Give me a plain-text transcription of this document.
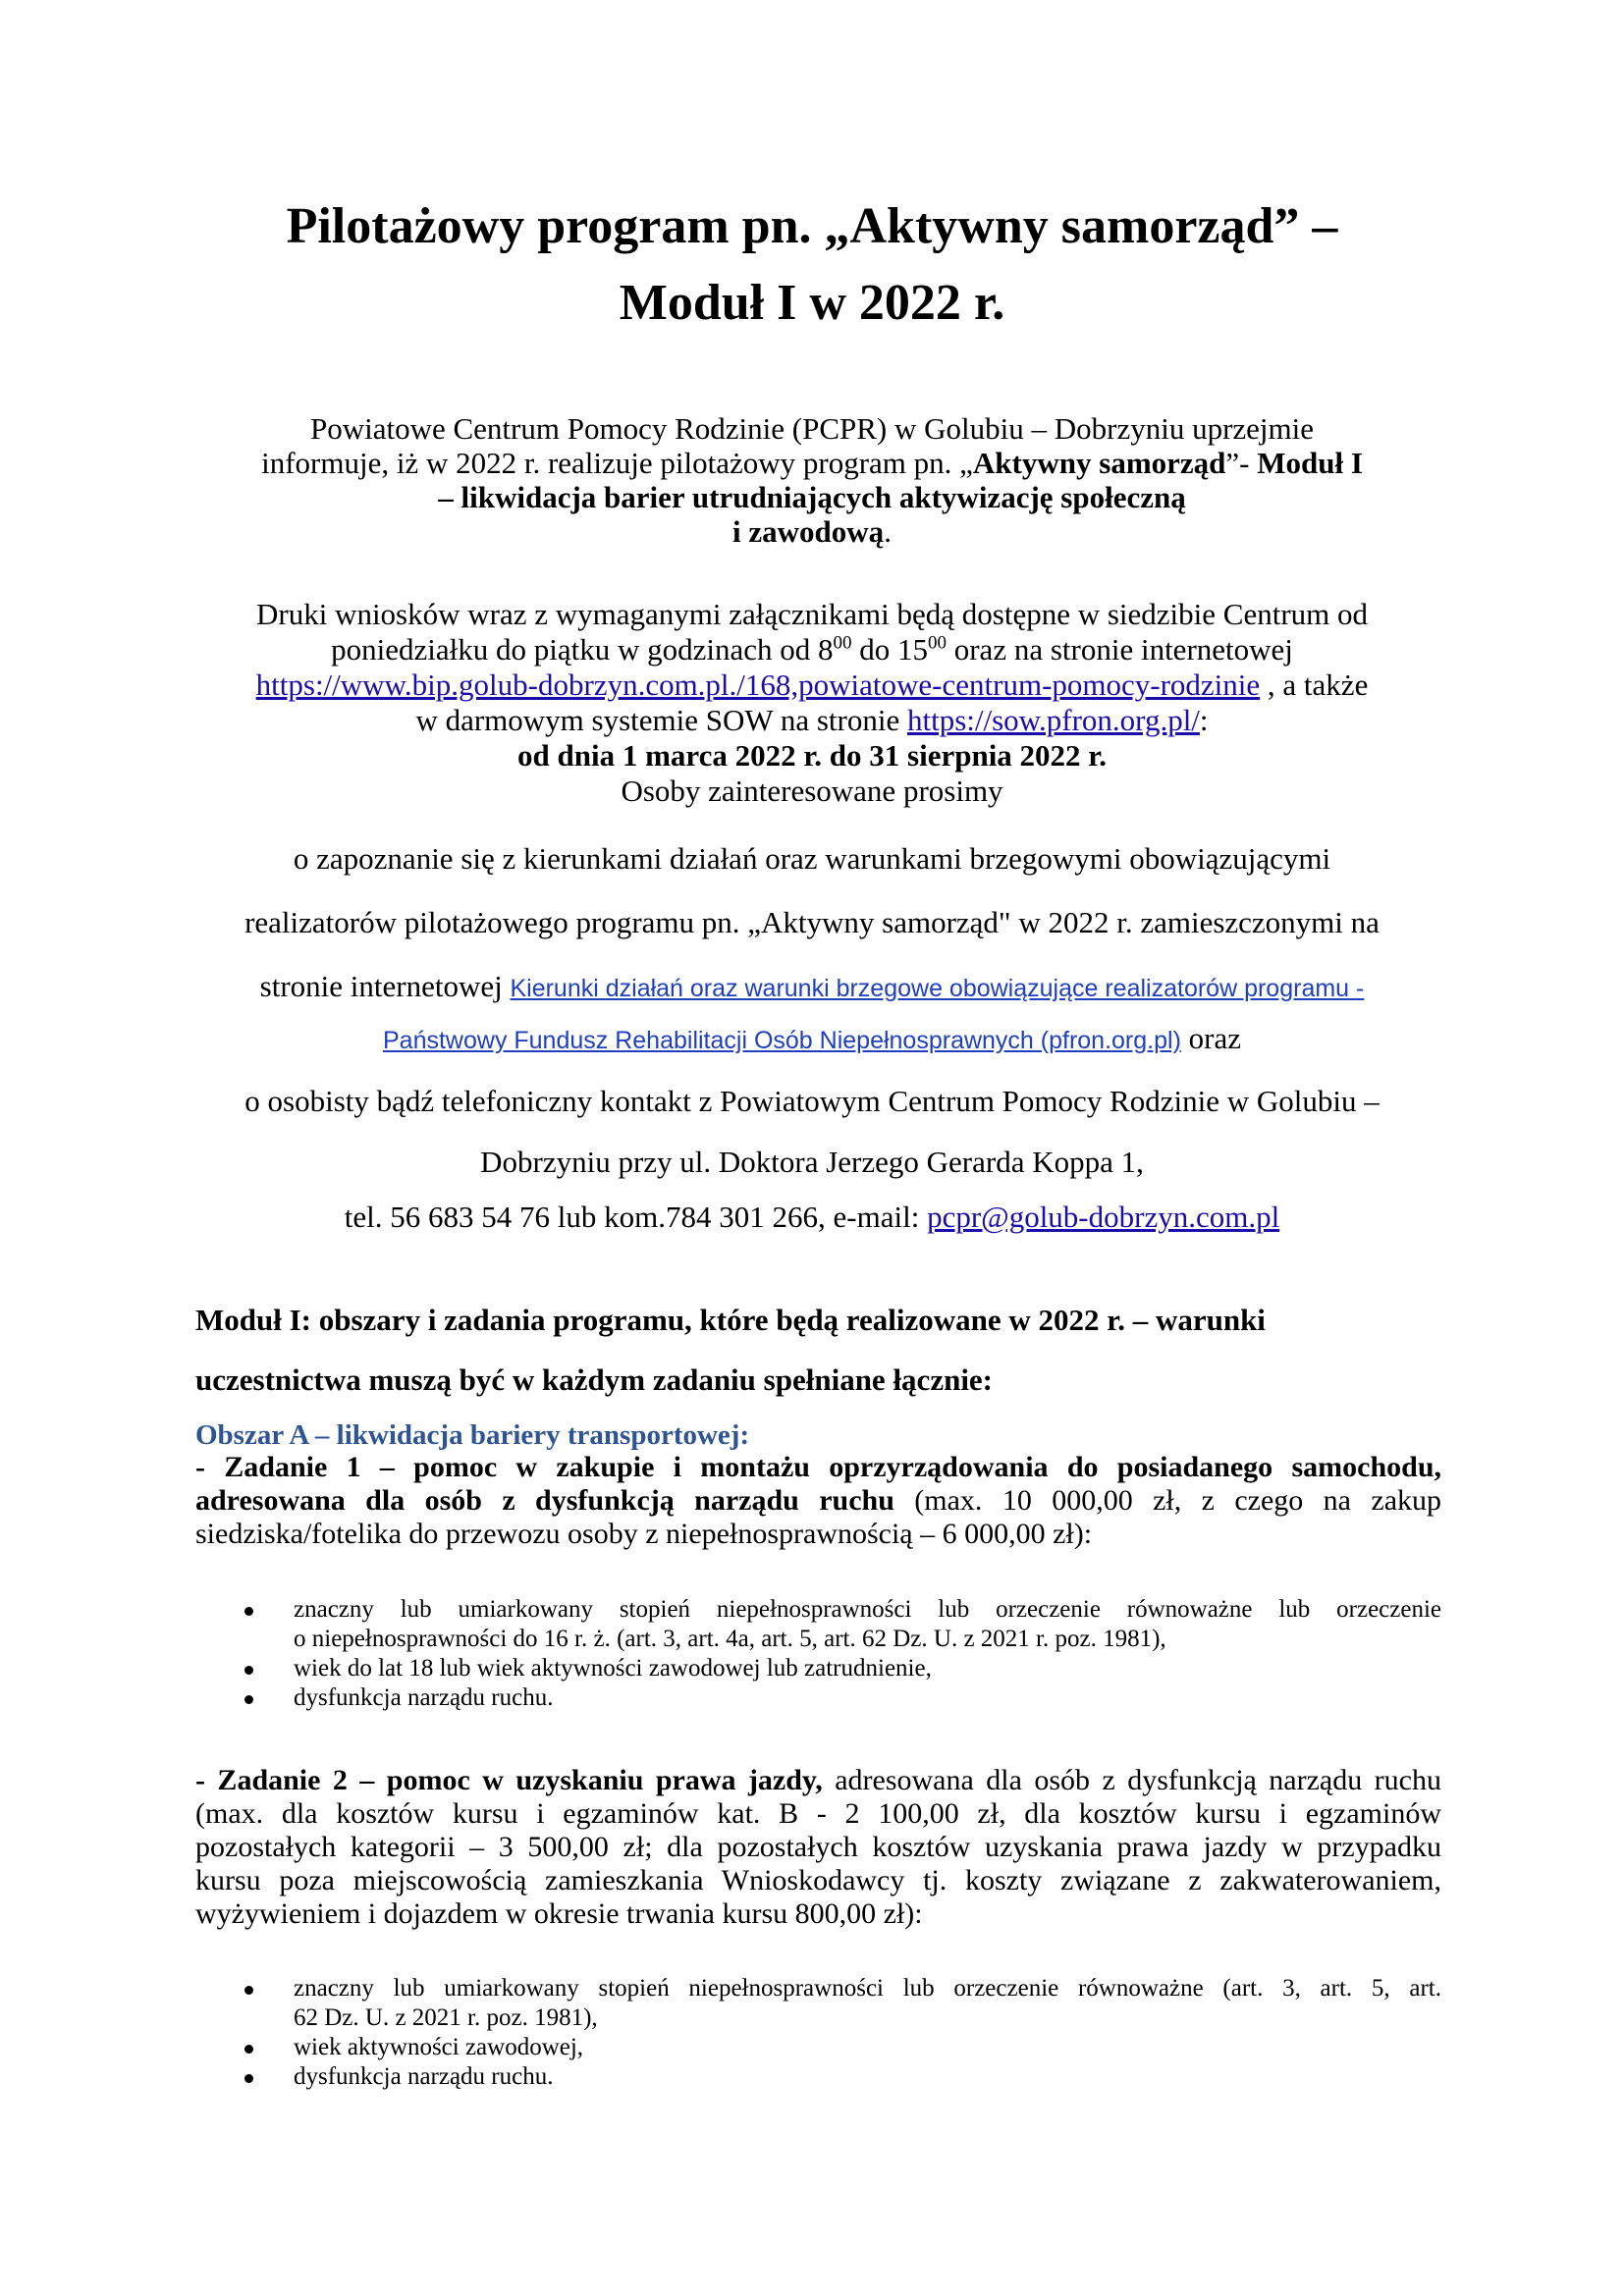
Pilotażowy program pn. „Aktywny samorząd” –
Moduł I w 2022 r.
Powiatowe Centrum Pomocy Rodzinie (PCPR) w Golubiu – Dobrzyniu uprzejmie
informuje, iż w 2022 r. realizuje pilotażowy program pn. „Aktywny samorząd”- Moduł I
– likwidacja barier utrudniających aktywizację społeczną
i zawodową.
Druki wniosków wraz z wymaganymi załącznikami będą dostępne w siedzibie Centrum od
poniedziałku do piątku w godzinach od $8^{00}$ do $15^{00}$ oraz na stronie internetowej
https://www.bip.golub-dobrzyn.com.pl./168,powiatowe-centrum-pomocy-rodzinie , a także
w darmowym systemie SOW na stronie https://sow.pfron.org.pl/:
od dnia 1 marca 2022 r. do 31 sierpnia 2022 r.
Osoby zainteresowane prosimy
o zapoznanie się z kierunkami działań oraz warunkami brzegowymi obowiązującymi
realizatorów pilotażowego programu pn. „Aktywny samorząd" w 2022 r. zamieszczonymi na
stronie internetowej Kierunki działań oraz warunki brzegowe obowiązujące realizatorów programu -
Państwowy Fundusz Rehabilitacji Osób Niepełnosprawnych (pfron.org.pl) oraz
o osobisty bądź telefoniczny kontakt z Powiatowym Centrum Pomocy Rodzinie w Golubiu –
Dobrzyniu przy ul. Doktora Jerzego Gerarda Koppa 1,
tel. 56 683 54 76 lub kom.784 301 266, e-mail: pcpr@golub-dobrzyn.com.pl
Moduł I: obszary i zadania programu, które będą realizowane w 2022 r. – warunki
uczestnictwa muszą być w każdym zadaniu spełniane łącznie:
Obszar A – likwidacja bariery transportowej:
- Zadanie 1 – pomoc w zakupie i montażu oprzyrządowania do posiadanego samochodu,
adresowana dla osób z dysfunkcją narządu ruchu (max. 10 000,00 zł, z czego na zakup
siedziska/fotelika do przewozu osoby z niepełnosprawnością – 6 000,00 zł):
znaczny lub umiarkowany stopień niepełnosprawności lub orzeczenie równoważne lub orzeczenie
o niepełnosprawności do 16 r. ż. (art. 3, art. 4a, art. 5, art. 62 Dz. U. z 2021 r. poz. 1981),
wiek do lat 18 lub wiek aktywności zawodowej lub zatrudnienie,
dysfunkcja narządu ruchu.
- Zadanie 2 – pomoc w uzyskaniu prawa jazdy, adresowana dla osób z dysfunkcją narządu ruchu
(max. dla kosztów kursu i egzaminów kat. B - 2 100,00 zł, dla kosztów kursu i egzaminów
pozostałych kategorii – 3 500,00 zł; dla pozostałych kosztów uzyskania prawa jazdy w przypadku
kursu poza miejscowością zamieszkania Wnioskodawcy tj. koszty związane z zakwaterowaniem,
wyżywieniem i dojazdem w okresie trwania kursu 800,00 zł):
znaczny lub umiarkowany stopień niepełnosprawności lub orzeczenie równoważne (art. 3, art. 5, art.
62 Dz. U. z 2021 r. poz. 1981),
wiek aktywności zawodowej,
dysfunkcja narządu ruchu.
